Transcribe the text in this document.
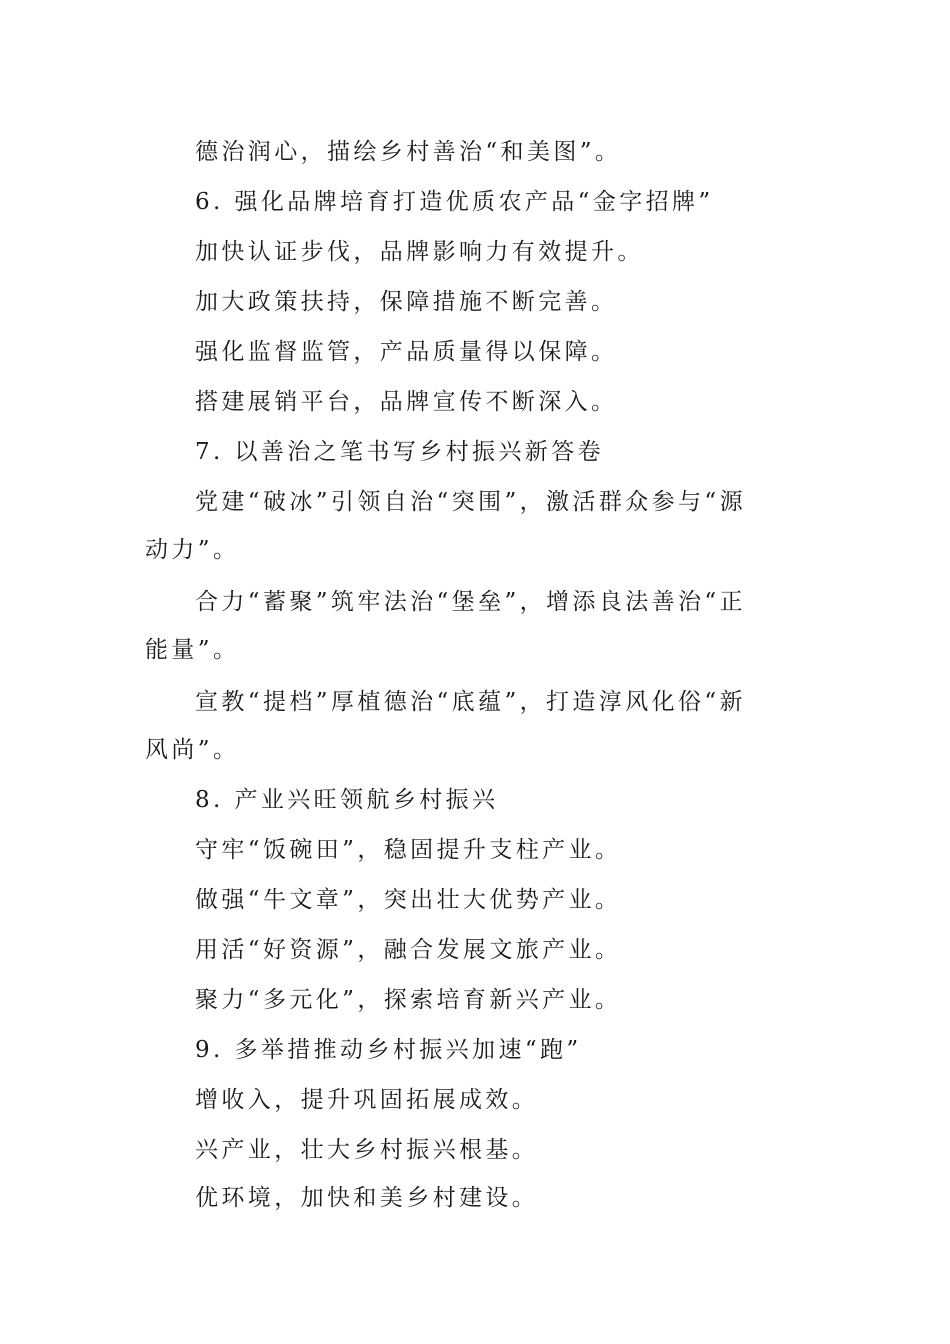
德治润心，描绘乡村善治“和美图”。
6. 强化品牌培育打造优质农产品“金字招牌”
加快认证步伐，品牌影响力有效提升。
加大政策扶持，保障措施不断完善。
强化监督监管，产品质量得以保障。
搭建展销平台，品牌宣传不断深入。
7. 以善治之笔书写乡村振兴新答卷
党建“破冰”引领自治“突围”，激活群众参与“源
动力”。
合力“蓄聚”筑牢法治“堡垒”，增添良法善治“正
能量”。
宣教“提档”厚植德治“底蕴”，打造淳风化俗“新
风尚”。
8. 产业兴旺领航乡村振兴
守牢“饭碗田”，稳固提升支柱产业。
做强“牛文章”，突出壮大优势产业。
用活“好资源”，融合发展文旅产业。
聚力“多元化”，探索培育新兴产业。
9. 多举措推动乡村振兴加速“跑”
增收入，提升巩固拓展成效。
兴产业，壮大乡村振兴根基。
优环境，加快和美乡村建设。
